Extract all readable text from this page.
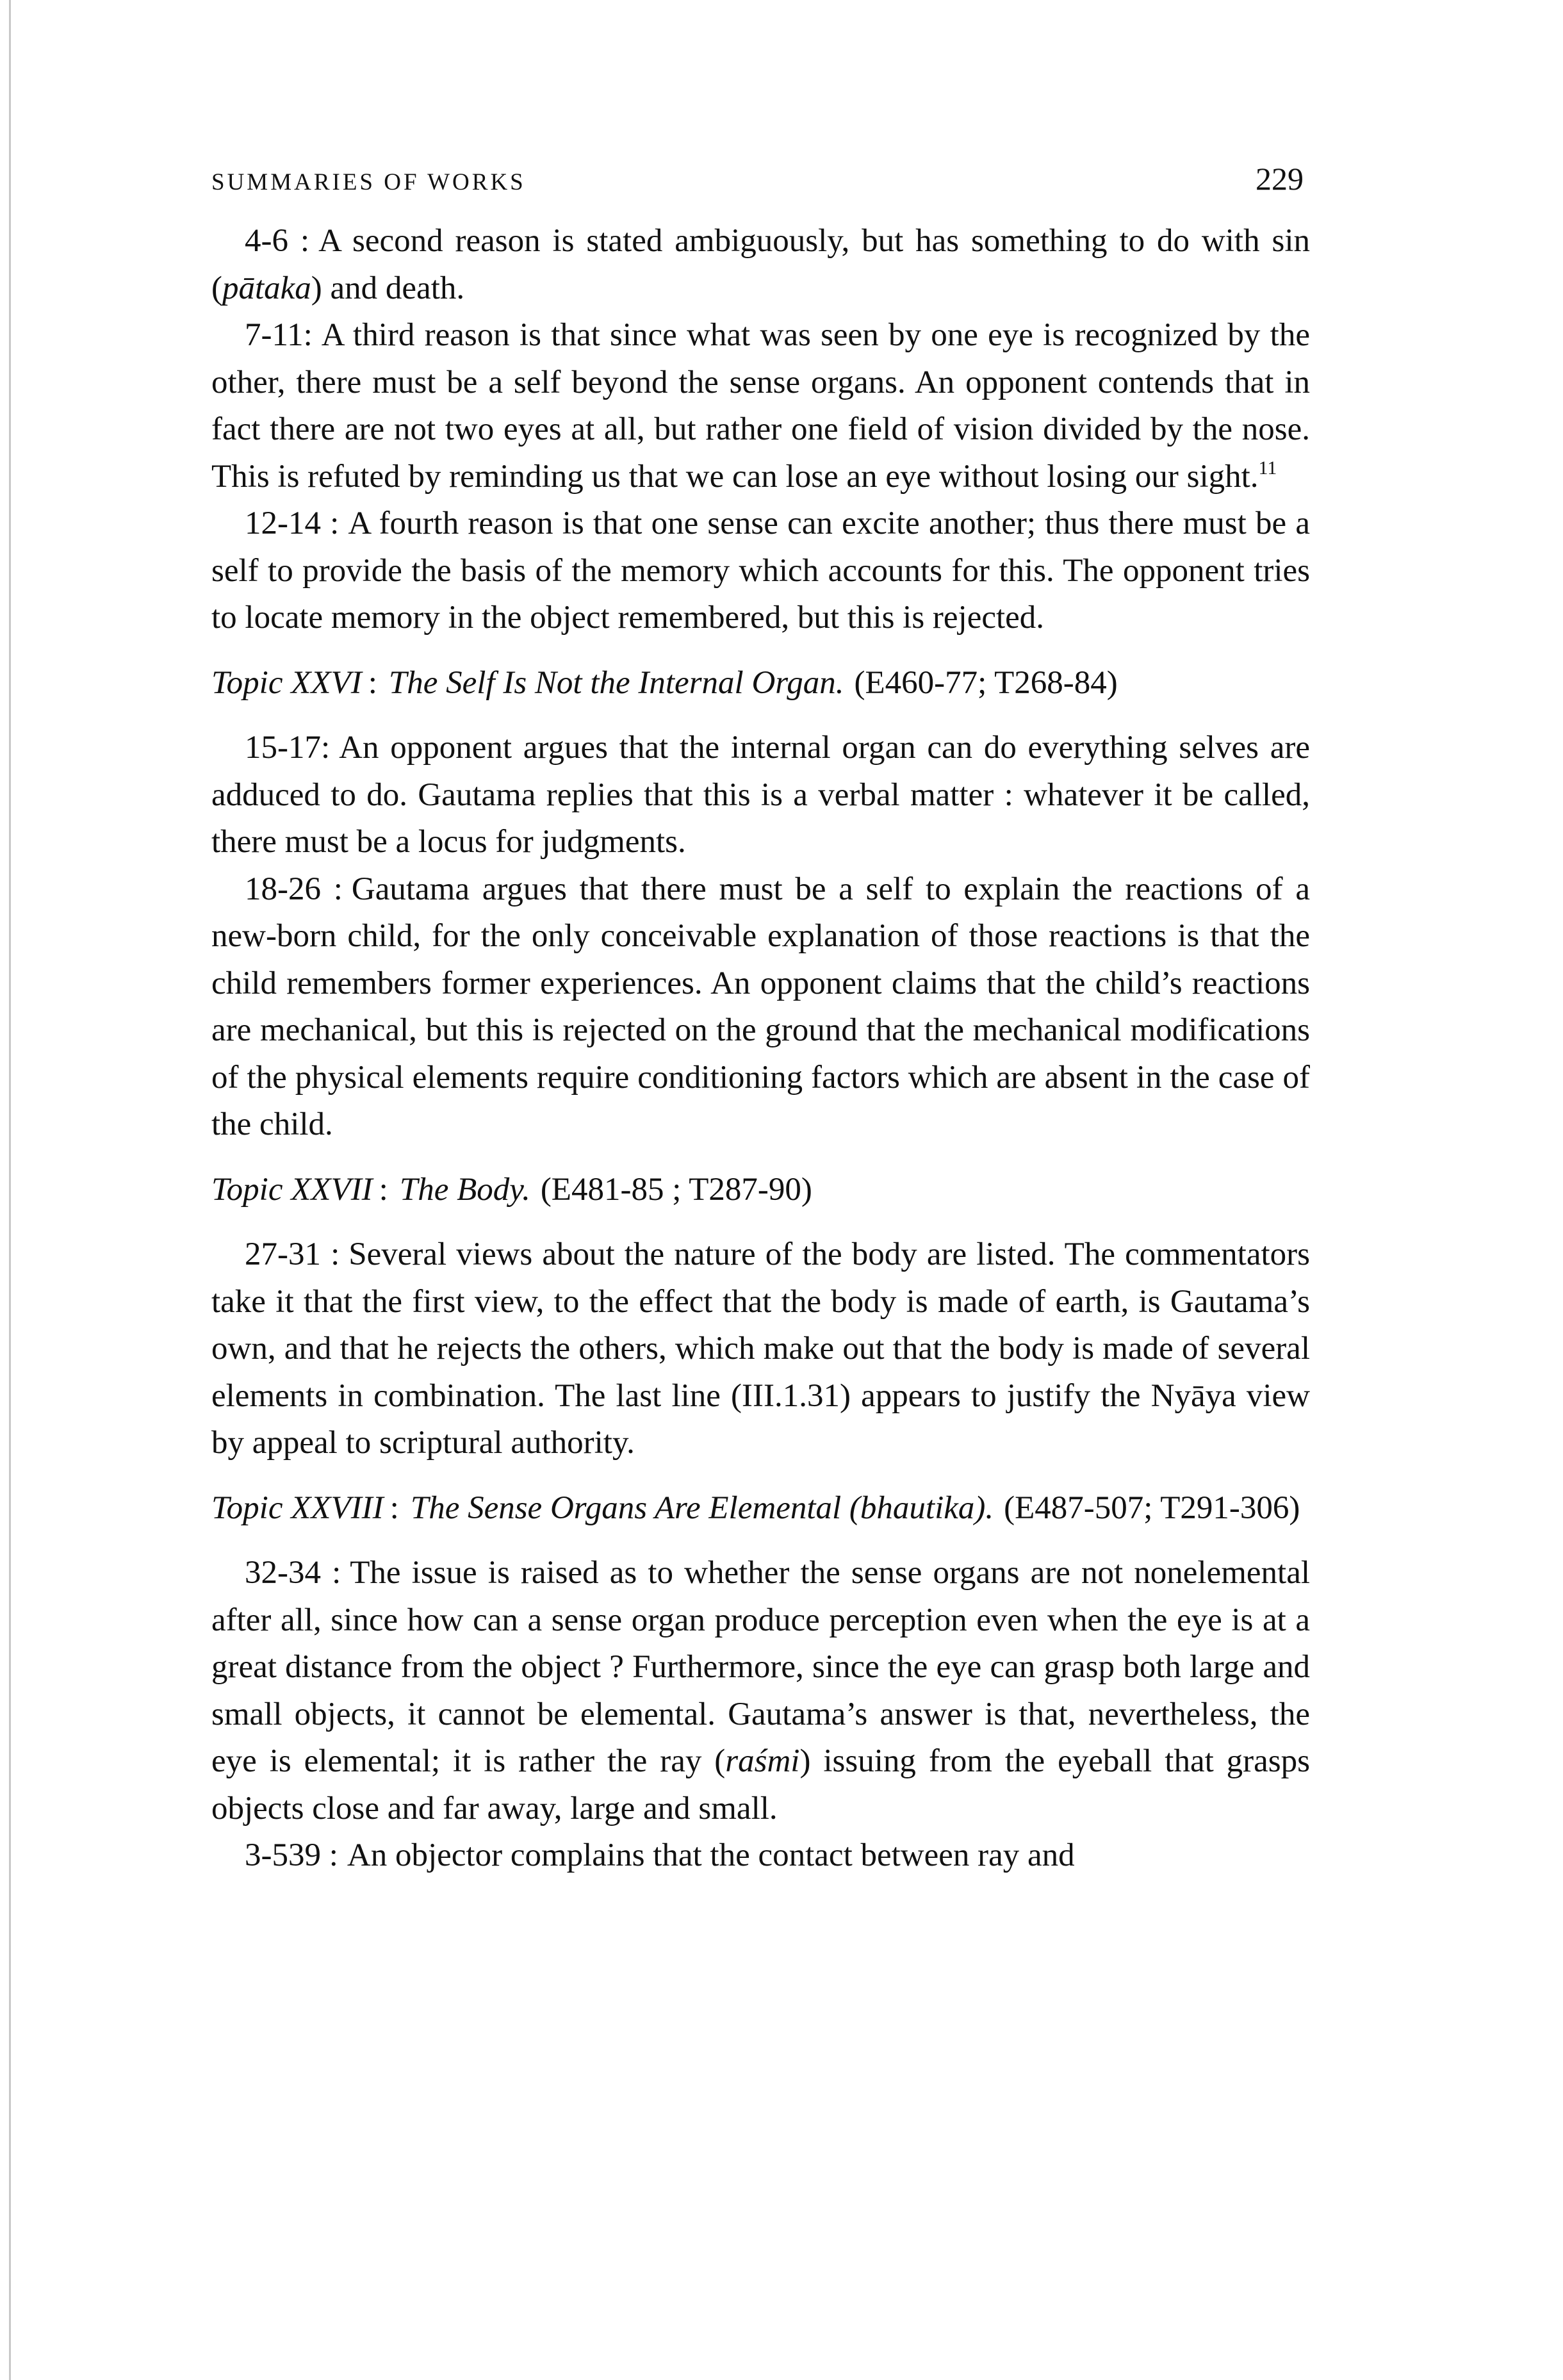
SUMMARIES OF WORKS	229

4-6 : A second reason is stated ambiguously, but has something to do with sin (pātaka) and death.

7-11: A third reason is that since what was seen by one eye is recognized by the other, there must be a self beyond the sense organs. An opponent contends that in fact there are not two eyes at all, but rather one field of vision divided by the nose. This is refuted by reminding us that we can lose an eye without losing our sight.$^{11}$

12-14 : A fourth reason is that one sense can excite another; thus there must be a self to provide the basis of the memory which accounts for this. The opponent tries to locate memory in the object remembered, but this is rejected.

Topic XXVI : The Self Is Not the Internal Organ. (E460-77; T268-84)

15-17: An opponent argues that the internal organ can do everything selves are adduced to do. Gautama replies that this is a verbal matter : whatever it be called, there must be a locus for judgments.

18-26 : Gautama argues that there must be a self to explain the reactions of a new-born child, for the only conceivable explanation of those reactions is that the child remembers former experiences. An opponent claims that the child’s reactions are mechanical, but this is rejected on the ground that the mechanical modifications of the physical elements require conditioning factors which are absent in the case of the child.

Topic XXVII : The Body. (E481-85 ; T287-90)

27-31 : Several views about the nature of the body are listed. The commentators take it that the first view, to the effect that the body is made of earth, is Gautama’s own, and that he rejects the others, which make out that the body is made of several elements in combination. The last line (III.1.31) appears to justify the Nyāya view by appeal to scriptural authority.

Topic XXVIII : The Sense Organs Are Elemental (bhautika). (E487-507; T291-306)

32-34 : The issue is raised as to whether the sense organs are not nonelemental after all, since how can a sense organ produce perception even when the eye is at a great distance from the object ? Furthermore, since the eye can grasp both large and small objects, it cannot be elemental. Gautama’s answer is that, nevertheless, the eye is elemental; it is rather the ray (raśmi) issuing from the eyeball that grasps objects close and far away, large and small.

3-539 : An objector complains that the contact between ray and
